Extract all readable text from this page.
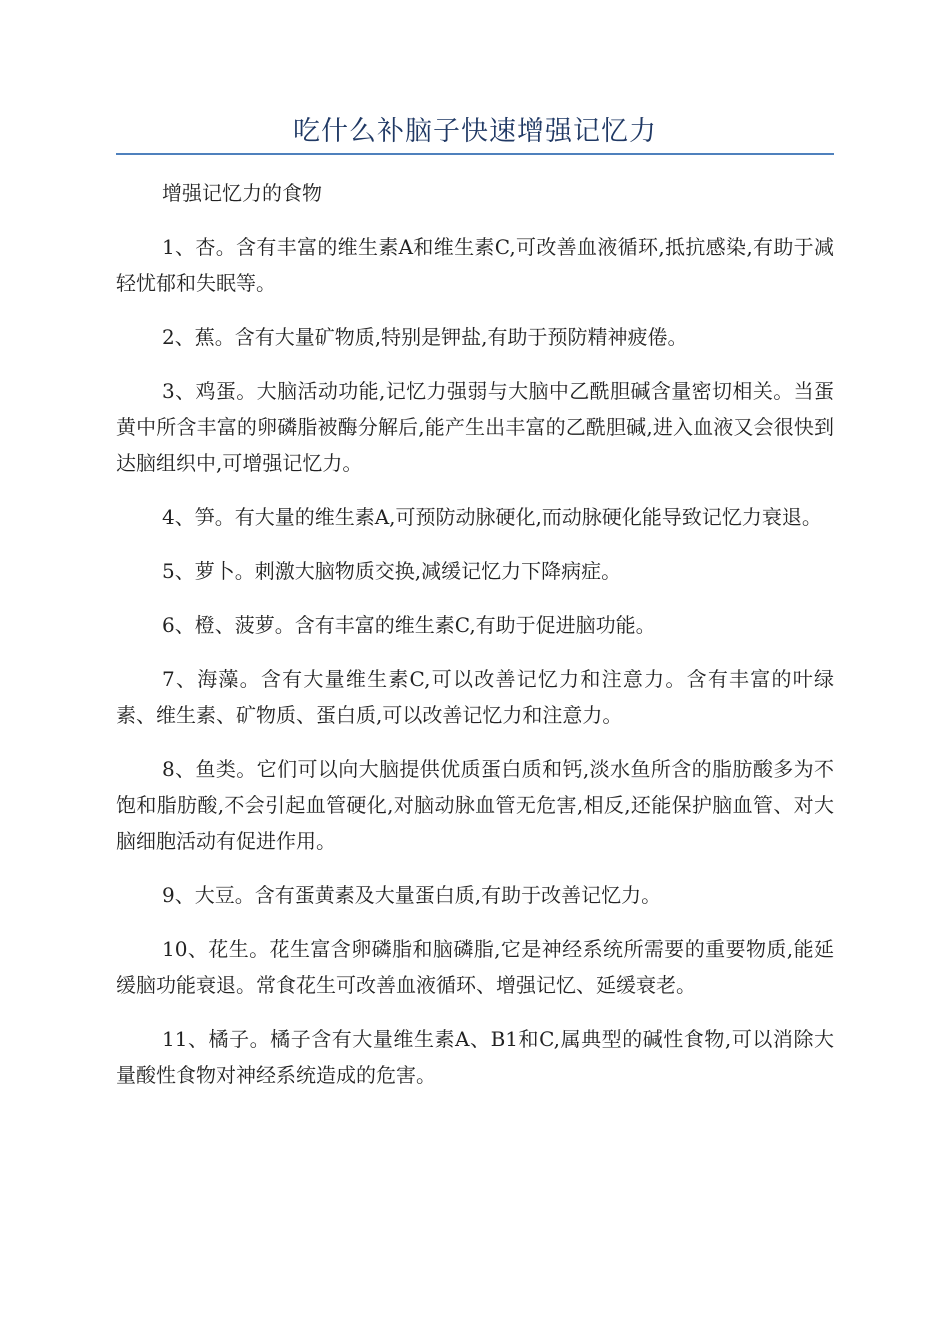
吃什么补脑子快速增强记忆力

增强记忆力的食物

1、杏。含有丰富的维生素A和维生素C,可改善血液循环,抵抗感染,有助于减轻忧郁和失眠等。

2、蕉。含有大量矿物质,特别是钾盐,有助于预防精神疲倦。

3、鸡蛋。大脑活动功能,记忆力强弱与大脑中乙酰胆碱含量密切相关。当蛋黄中所含丰富的卵磷脂被酶分解后,能产生出丰富的乙酰胆碱,进入血液又会很快到达脑组织中,可增强记忆力。

4、笋。有大量的维生素A,可预防动脉硬化,而动脉硬化能导致记忆力衰退。

5、萝卜。刺激大脑物质交换,减缓记忆力下降病症。

6、橙、菠萝。含有丰富的维生素C,有助于促进脑功能。

7、海藻。含有大量维生素C,可以改善记忆力和注意力。含有丰富的叶绿素、维生素、矿物质、蛋白质,可以改善记忆力和注意力。

8、鱼类。它们可以向大脑提供优质蛋白质和钙,淡水鱼所含的脂肪酸多为不饱和脂肪酸,不会引起血管硬化,对脑动脉血管无危害,相反,还能保护脑血管、对大脑细胞活动有促进作用。

9、大豆。含有蛋黄素及大量蛋白质,有助于改善记忆力。

10、花生。花生富含卵磷脂和脑磷脂,它是神经系统所需要的重要物质,能延缓脑功能衰退。常食花生可改善血液循环、增强记忆、延缓衰老。

11、橘子。橘子含有大量维生素A、B1和C,属典型的碱性食物,可以消除大量酸性食物对神经系统造成的危害。
